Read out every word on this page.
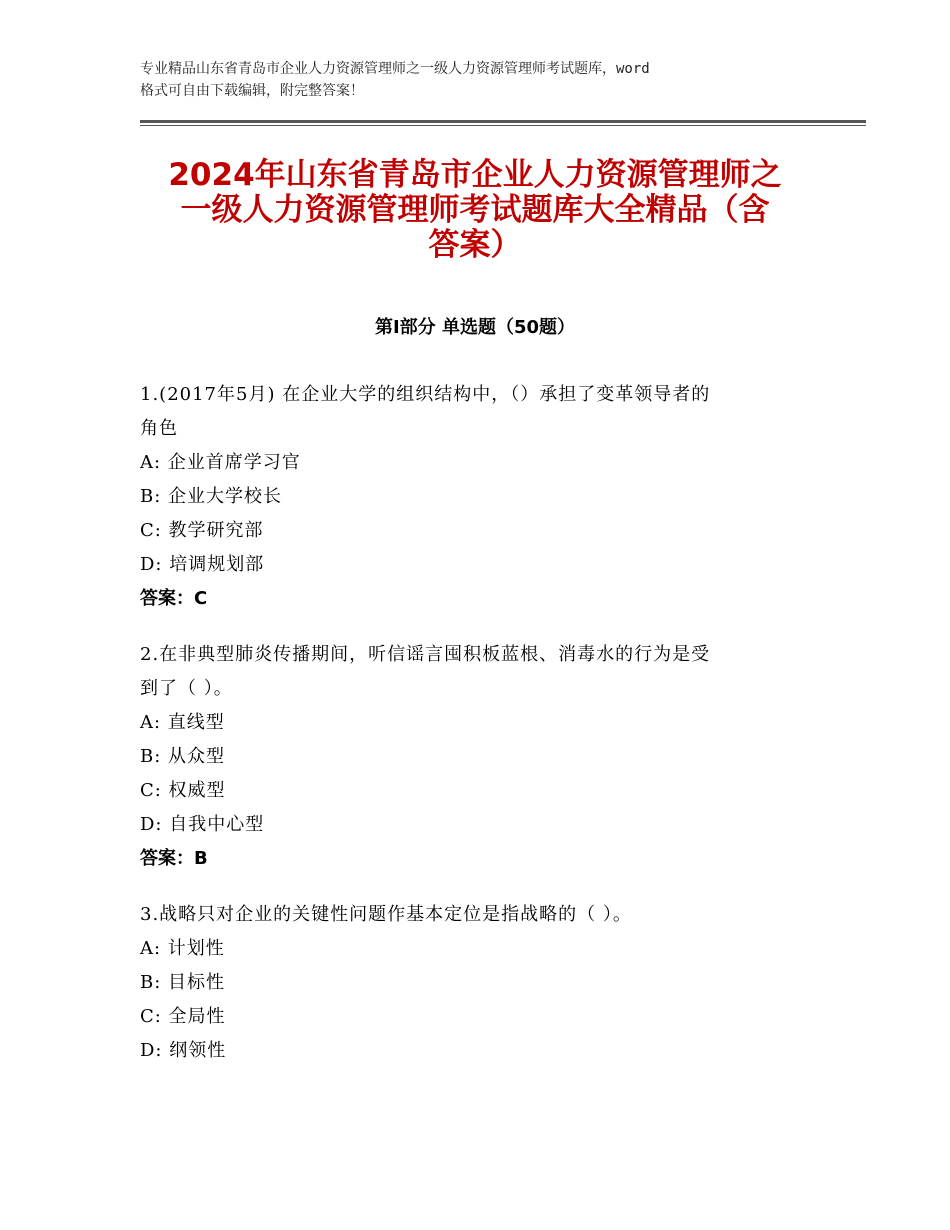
专业精品山东省青岛市企业人力资源管理师之一级人力资源管理师考试题库，word
格式可自由下载编辑，附完整答案！
2024年山东省青岛市企业人力资源管理师之
一级人力资源管理师考试题库大全精品（含
答案）
第Ⅰ部分 单选题（50题）
1.(2017年5月) 在企业大学的组织结构中，（）承担了变革领导者的
角色
A: 企业首席学习官
B: 企业大学校长
C: 教学研究部
D: 培调规划部
答案：C
2.在非典型肺炎传播期间，听信谣言囤积板蓝根、消毒水的行为是受
到了（ ）。
A: 直线型
B: 从众型
C: 权威型
D: 自我中心型
答案：B
3.战略只对企业的关键性问题作基本定位是指战略的（ ）。
A: 计划性
B: 目标性
C: 全局性
D: 纲领性
